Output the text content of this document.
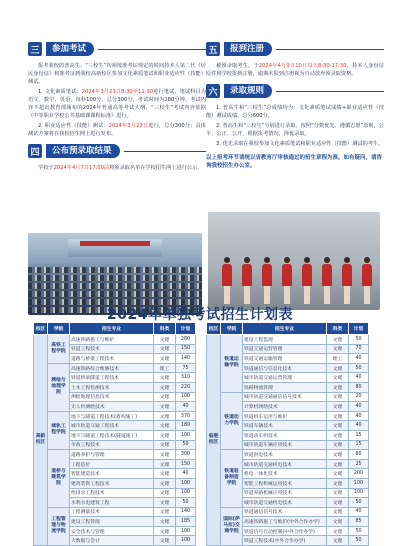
三	参加考试

报考我校的普高生、“三校生”均须按准考证规定的时间持本人第二代《居民身份证》和准考证到我校高新校区参加文化素质笔试和职业适应性（技能）测试。

1. 文化素质笔试：2024年3月23日8:30至11:30进行笔试。笔试科目为语文、数学、英语，每科100分，总分300分，考试时间为180分钟。考试内容不超出教育部颁布的2024年普通高等考试大纲，“三校生”考试内容依据《中等职业学校公共基础课课程标准》进行。

2. 职业适应性（技能）测试：2024年3月23日进行，总分300分；具体测试方案将在我校招生网上进行发布。

四	公布预录取结果

学校于2024年4月7日17:00前将预录取名单在学校招生网上进行公示。

五	报到注册

被预录取考生，于2024年4月9日10日每天8:30-17:30，持本人身份证原件到学校报到注册，逾期未报到注册视为自动放弃预录取资格。

六	录取规则

1. 普高生和“三校生”总成绩均为：文化素质笔试成绩+职业适应性（技能）测试成绩，总分600分。

2. 普高生和“三校生”分别进行录取，按照“分数优先、遵循志愿”原则，公平、公正、公开，根据报考情况，择优录取。

3. 优先录取在我校参加文化素质笔试和职业适应性（技能）测试的考生。

以上报考环节请统以省教育厅审核通过的招生章程为准。如有疑问，请咨询我校招生办公室。

2024年单独考试招生计划表
校区	学院	招生专业	科类	计划
高新校区	高铁工程学院	高速铁路施工与维护	文理	280
		铁道工程技术	文理	150
		道路与桥梁工程技术	文理	140
	测绘与地理学院	高速铁路综合维修技术	理工	75
		铁道桥梁隧道工程技术	文理	310
		土木工程检测技术	文理	220
		测绘地理信息技术	文理	100
		无人机测绘技术	文理	40
	城轨工程学院	地下与隧道工程技术(盾构施工)	文理	370
		城市轨道交通工程技术	文理	180
		地下与隧道工程技术(隧道施工)	文理	100
		市政工程技术	文理	50
	道桥与建筑学院	道路养护与管理	文理	300
		工程造价	文理	150
		智能建造技术	文理	40
		建筑装饰工程技术	文理	100
		给排水工程技术	文理	100
		水利水电建筑工程	文理	50
	工程管理与物流学院	工程测量技术	文理	140
		建设工程管理	文理	185
		安全技术与管理	文理	100
		大数据与会计	文理	100
校区	学院	招生专业	科类	计划
临港校区	铁道运输学院	建设工程监理	文理	50
		铁道交通运营管理	文理	70
		铁道交通运输管理	理工	40
		铁道通信与信息化技术	文理	50
		城市轨道交通运营管理	文理	40
		铁路物流管理	文理	80
	铁道动力学院	城市轨道交通通信信号技术	文理	20
		计算机网络技术	文理	40
		铁道机车运用与维护	文理	40
		铁道车辆技术	文理	40
		铁道动车组技术	文理	15
		城市轨道车辆应用技术	文理	15
	铁道装备制造学院	铁道供电技术	文理	80
		城市轨道交通机电技术	文理	25
		机电一体化技术	文理	200
		智能工程机械运用技术	文理	100
		铁道养路机械应用技术	文理	100
		城市轨道交通机电技术	文理	50
	国际(萨马拉)交通学院	铁道通信信号技术	文理	40
		高速铁路施工与维护(中外合作办学)	文理	85
		铁道信号自动控制(中外合作办学)	文理	50
		铁道工程技术(中外合作办学)	文理	50
